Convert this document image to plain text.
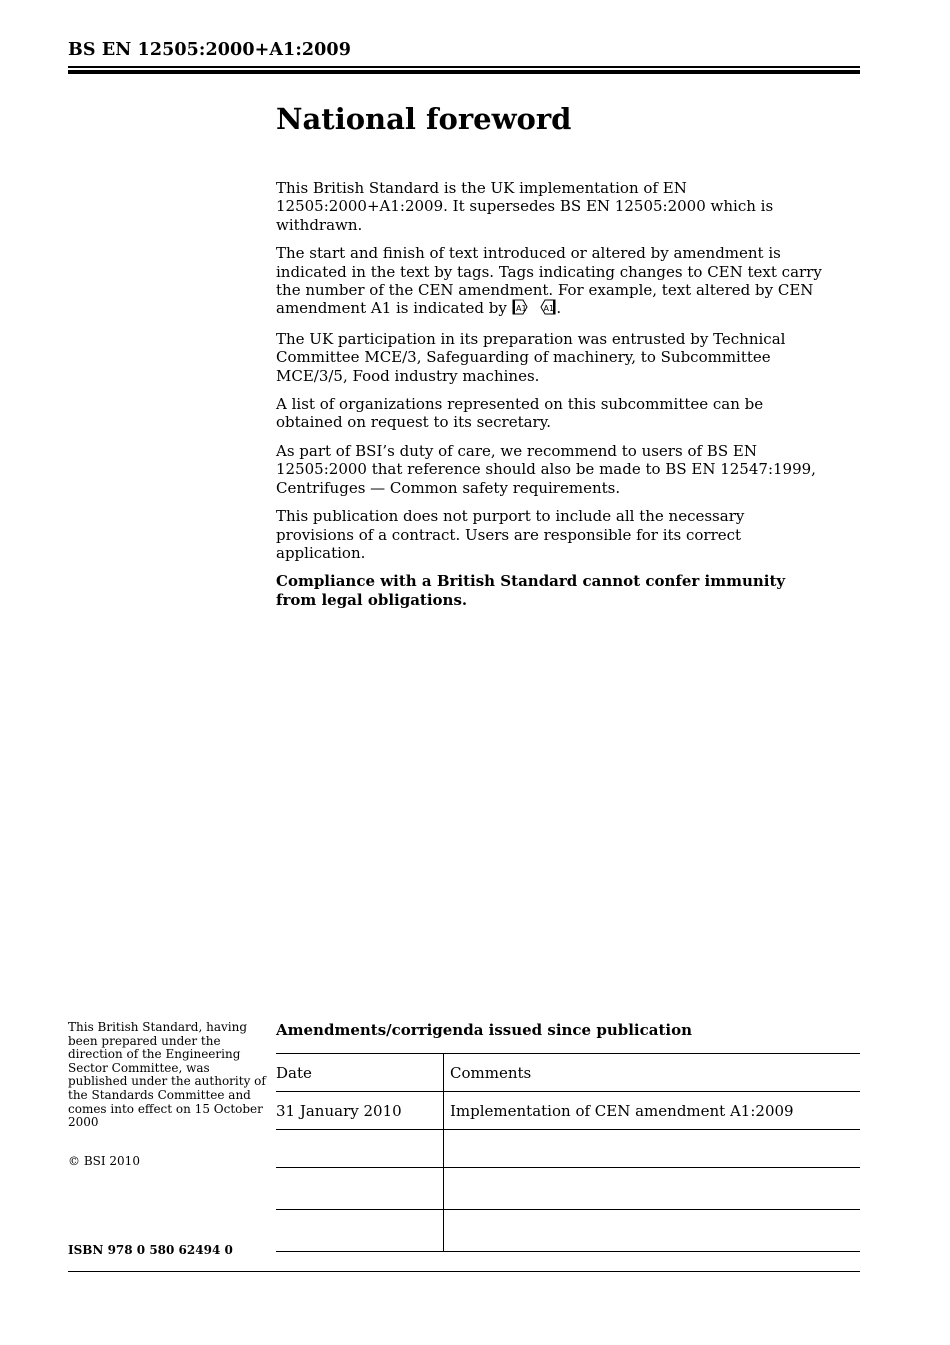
BS EN 12505:2000+A1:2009
National foreword

This British Standard is the UK implementation of EN 12505:2000+A1:2009. It supersedes BS EN 12505:2000 which is withdrawn.

The start and finish of text introduced or altered by amendment is indicated in the text by tags. Tags indicating changes to CEN text carry the number of the CEN amendment. For example, text altered by CEN amendment A1 is indicated by A1
A1 .

The UK participation in its preparation was entrusted by Technical Committee MCE/3, Safeguarding of machinery, to Subcommittee MCE/3/5, Food industry machines.

A list of organizations represented on this subcommittee can be obtained on request to its secretary.

As part of BSI’s duty of care, we recommend to users of BS EN 12505:2000 that reference should also be made to BS EN 12547:1999, Centrifuges — Common safety requirements.

This publication does not purport to include all the necessary provisions of a contract. Users are responsible for its correct application.

Compliance with a British Standard cannot confer immunity from legal obligations.

This British Standard, having been prepared under the direction of the Engineering Sector Committee, was published under the authority of the Standards Committee and comes into effect on 15 October 2000
© BSI 2010
ISBN 978 0 580 62494 0
Amendments/corrigenda issued since publication
Date	Comments
31 January 2010	Implementation of CEN amendment A1:2009
